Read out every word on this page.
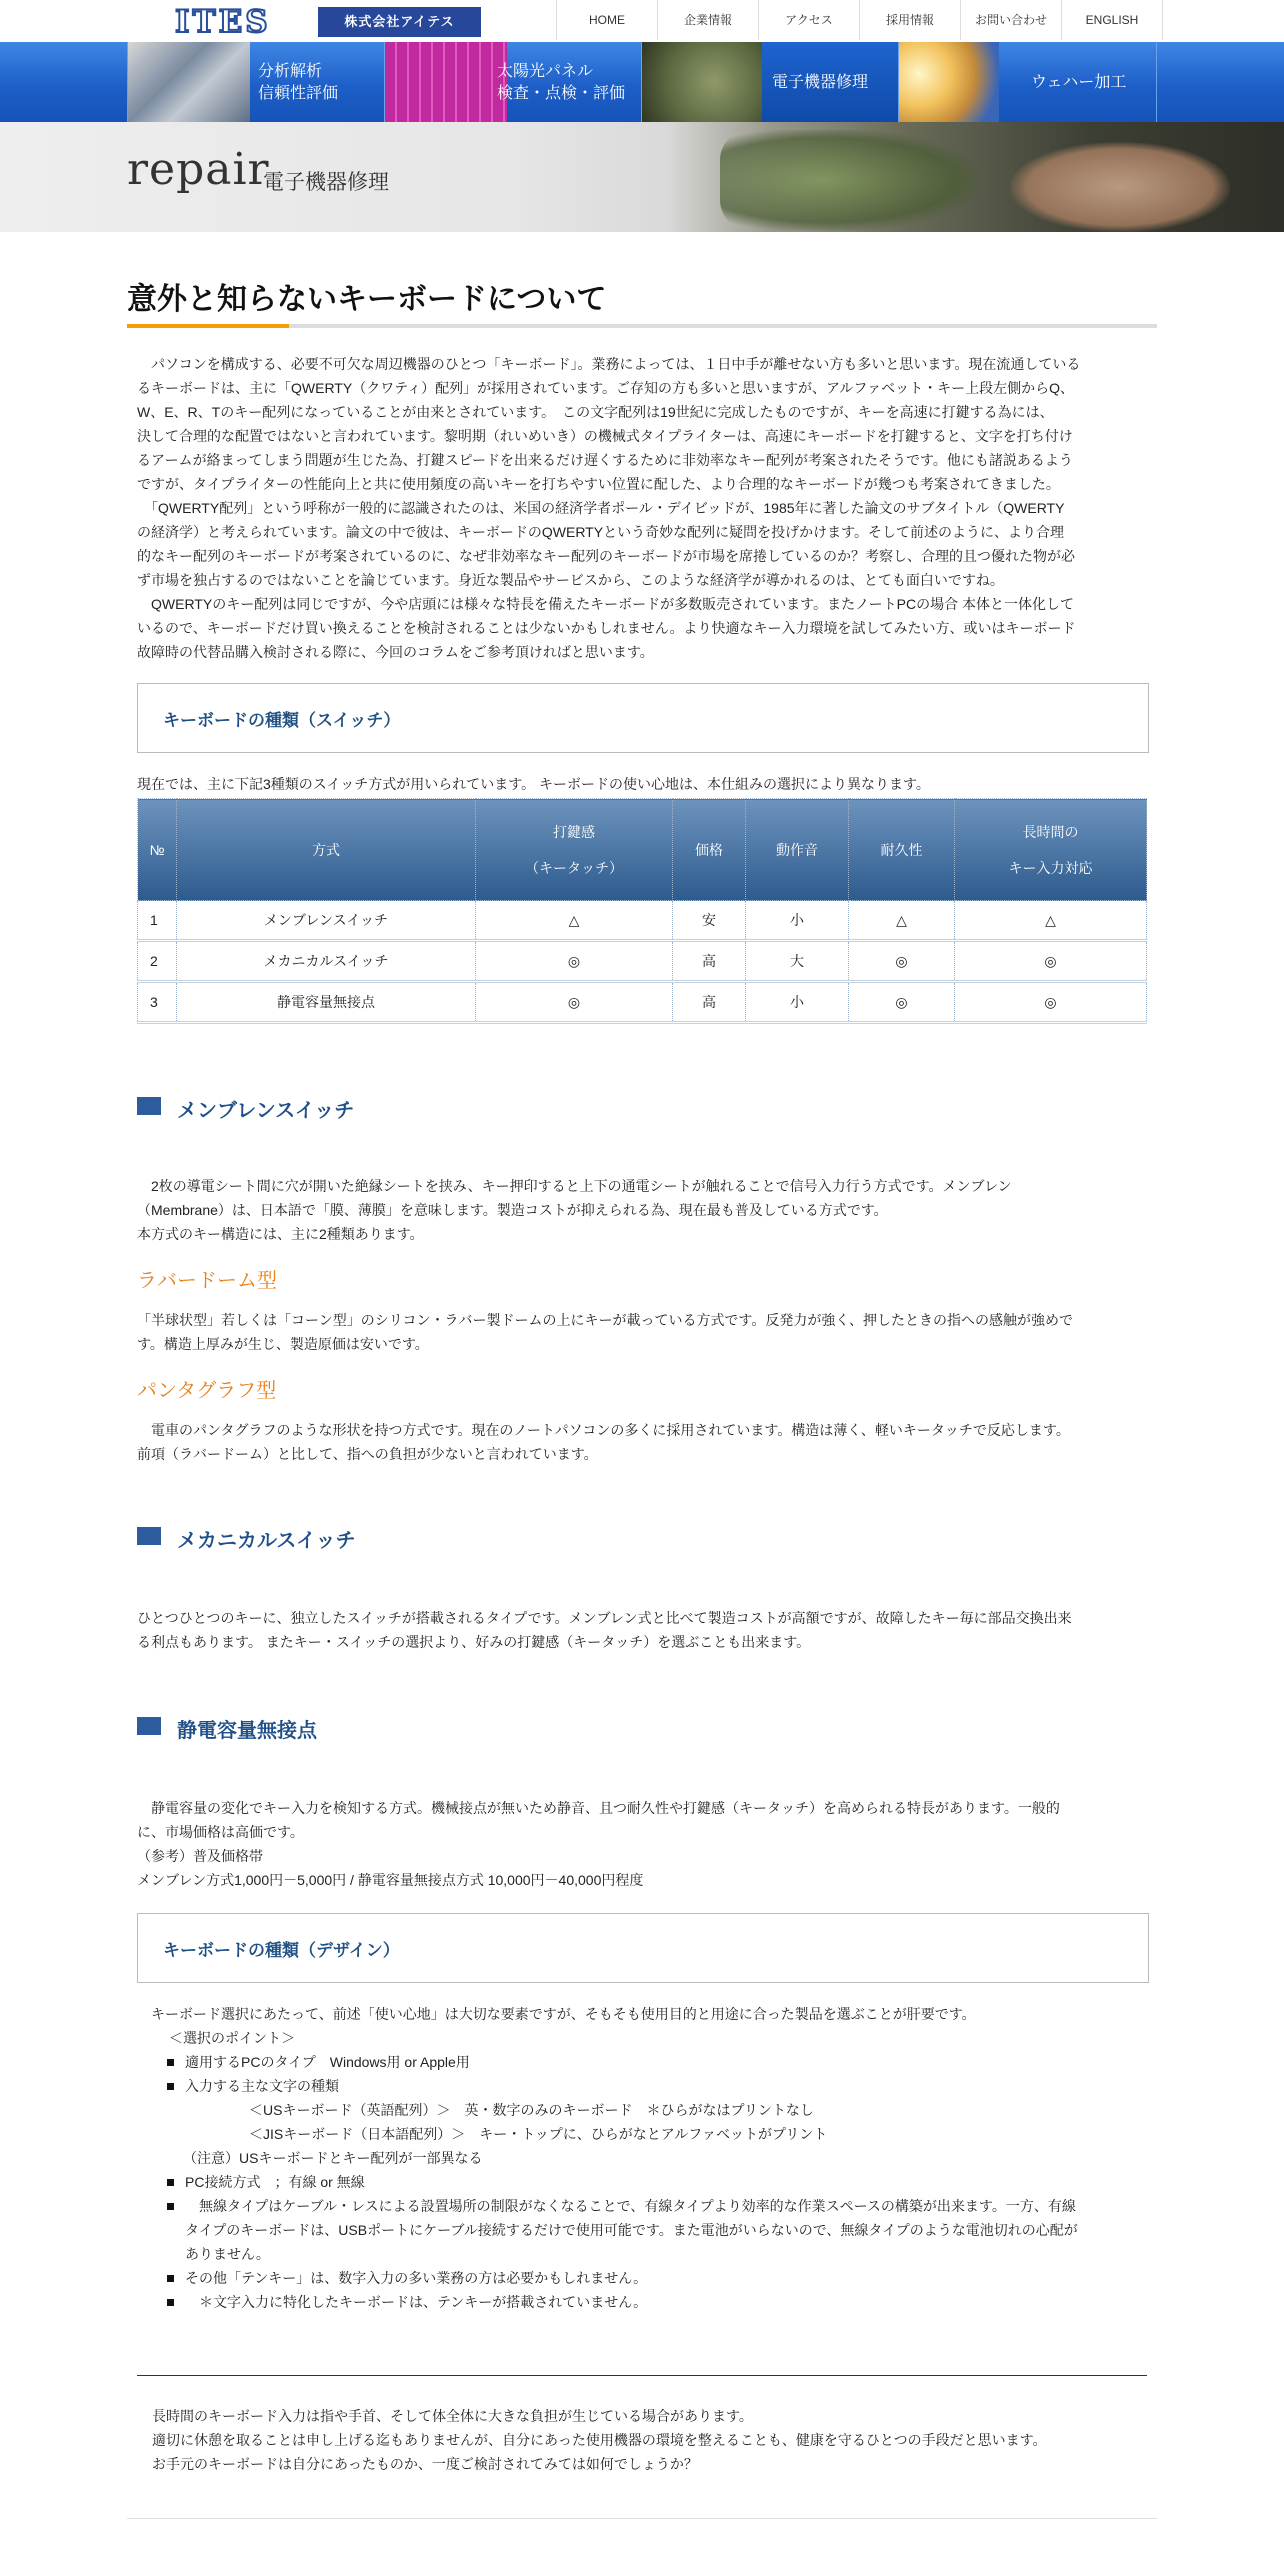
ITES	株式会社アイテス	HOME	企業情報	アクセス	採用情報	お問い合わせ	ENGLISH
分析解析
信頼性評価
太陽光パネル
検査・点検・評価
電子機器修理	ウェハー加工
repair
電子機器修理
意外と知らないキーボードについて
　パソコンを構成する、必要不可欠な周辺機器のひとつ「キーボード」。業務によっては、１日中手が離せない方も多いと思います。現在流通している
るキーボードは、主に「QWERTY（クワティ）配列」が採用されています。ご存知の方も多いと思いますが、アルファベット・キー上段左側からQ、
W、E、R、Tのキー配列になっていることが由来とされています。　この文字配列は19世紀に完成したものですが、キーを高速に打鍵する為には、
決して合理的な配置ではないと言われています。黎明期（れいめいき）の機械式タイプライターは、高速にキーボードを打鍵すると、文字を打ち付け
るアームが絡まってしまう問題が生じた為、打鍵スピードを出来るだけ遅くするために非効率なキー配列が考案されたそうです。他にも諸説あるよう
ですが、タイプライターの性能向上と共に使用頻度の高いキーを打ちやすい位置に配した、より合理的なキーボードが幾つも考案されてきました。
　「QWERTY配列」という呼称が一般的に認識されたのは、米国の経済学者ポール・デイビッドが、1985年に著した論文のサブタイトル（QWERTY
の経済学）と考えられています。論文の中で彼は、キーボードのQWERTYという奇妙な配列に疑問を投げかけます。そして前述のように、より合理
的なキー配列のキーボードが考案されているのに、なぜ非効率なキー配列のキーボードが市場を席捲しているのか？考察し、合理的且つ優れた物が必
ず市場を独占するのではないことを論じています。身近な製品やサービスから、このような経済学が導かれるのは、とても面白いですね。
　QWERTYのキー配列は同じですが、今や店頭には様々な特長を備えたキーボードが多数販売されています。またノートPCの場合 本体と一体化して
いるので、キーボードだけ買い換えることを検討されることは少ないかもしれません。より快適なキー入力環境を試してみたい方、或いはキーボード
故障時の代替品購入検討される際に、今回のコラムをご参考頂ければと思います。
キーボードの種類（スイッチ）
現在では、主に下記3種類のスイッチ方式が用いられています。 キーボードの使い心地は、本仕組みの選択により異なります。
№	方式	打鍵感
（キータッチ）	価格	動作音	耐久性	長時間の
キー入力対応
1	メンブレンスイッチ	△	安	小	△	△
2	メカニカルスイッチ	◎	高	大	◎	◎
3	静電容量無接点	◎	高	小	◎	◎
メンブレンスイッチ
　2枚の導電シート間に穴が開いた絶縁シートを挟み、キー押印すると上下の通電シートが触れることで信号入力行う方式です。メンブレン
（Membrane）は、日本語で「膜、薄膜」を意味します。製造コストが抑えられる為、現在最も普及している方式です。
本方式のキー構造には、主に2種類あります。
ラバードーム型
「半球状型」若しくは「コーン型」のシリコン・ラバー製ドームの上にキーが載っている方式です。反発力が強く、押したときの指への感触が強めで
す。構造上厚みが生じ、製造原価は安いです。
パンタグラフ型
　電車のパンタグラフのような形状を持つ方式です。現在のノートパソコンの多くに採用されています。構造は薄く、軽いキータッチで反応します。
前項（ラバードーム）と比して、指への負担が少ないと言われています。
メカニカルスイッチ
ひとつひとつのキーに、独立したスイッチが搭載されるタイプです。メンブレン式と比べて製造コストが高額ですが、故障したキー毎に部品交換出来
る利点もあります。 またキー・スイッチの選択より、好みの打鍵感（キータッチ）を選ぶことも出来ます。
静電容量無接点
　静電容量の変化でキー入力を検知する方式。機械接点が無いため静音、且つ耐久性や打鍵感（キータッチ）を高められる特長があります。一般的
に、市場価格は高価です。
（参考）普及価格帯
メンブレン方式1,000円－5,000円 / 静電容量無接点方式 10,000円－40,000円程度
キーボードの種類（デザイン）
　キーボード選択にあたって、前述「使い心地」は大切な要素ですが、そもそも使用目的と用途に合った製品を選ぶことが肝要です。
＜選択のポイント＞
適用するPCのタイプ　Windows用 or Apple用
入力する主な文字の種類
＜USキーボード（英語配列）＞　英・数字のみのキーボード　＊ひらがなはプリントなし
＜JISキーボード（日本語配列）＞　キー・トップに、ひらがなとアルファベットがプリント
（注意）USキーボードとキー配列が一部異なる
PC接続方式　；有線 or 無線
　無線タイプはケーブル・レスによる設置場所の制限がなくなることで、有線タイプより効率的な作業スペースの構築が出来ます。一方、有線
タイプのキーボードは、USBポートにケーブル接続するだけで使用可能です。また電池がいらないので、無線タイプのような電池切れの心配が
ありません。
その他「テンキー」は、数字入力の多い業務の方は必要かもしれません。
　＊文字入力に特化したキーボードは、テンキーが搭載されていません。
長時間のキーボード入力は指や手首、そして体全体に大きな負担が生じている場合があります。
適切に休憩を取ることは申し上げる迄もありませんが、自分にあった使用機器の環境を整えることも、健康を守るひとつの手段だと思います。
お手元のキーボードは自分にあったものか、一度ご検討されてみては如何でしょうか？
